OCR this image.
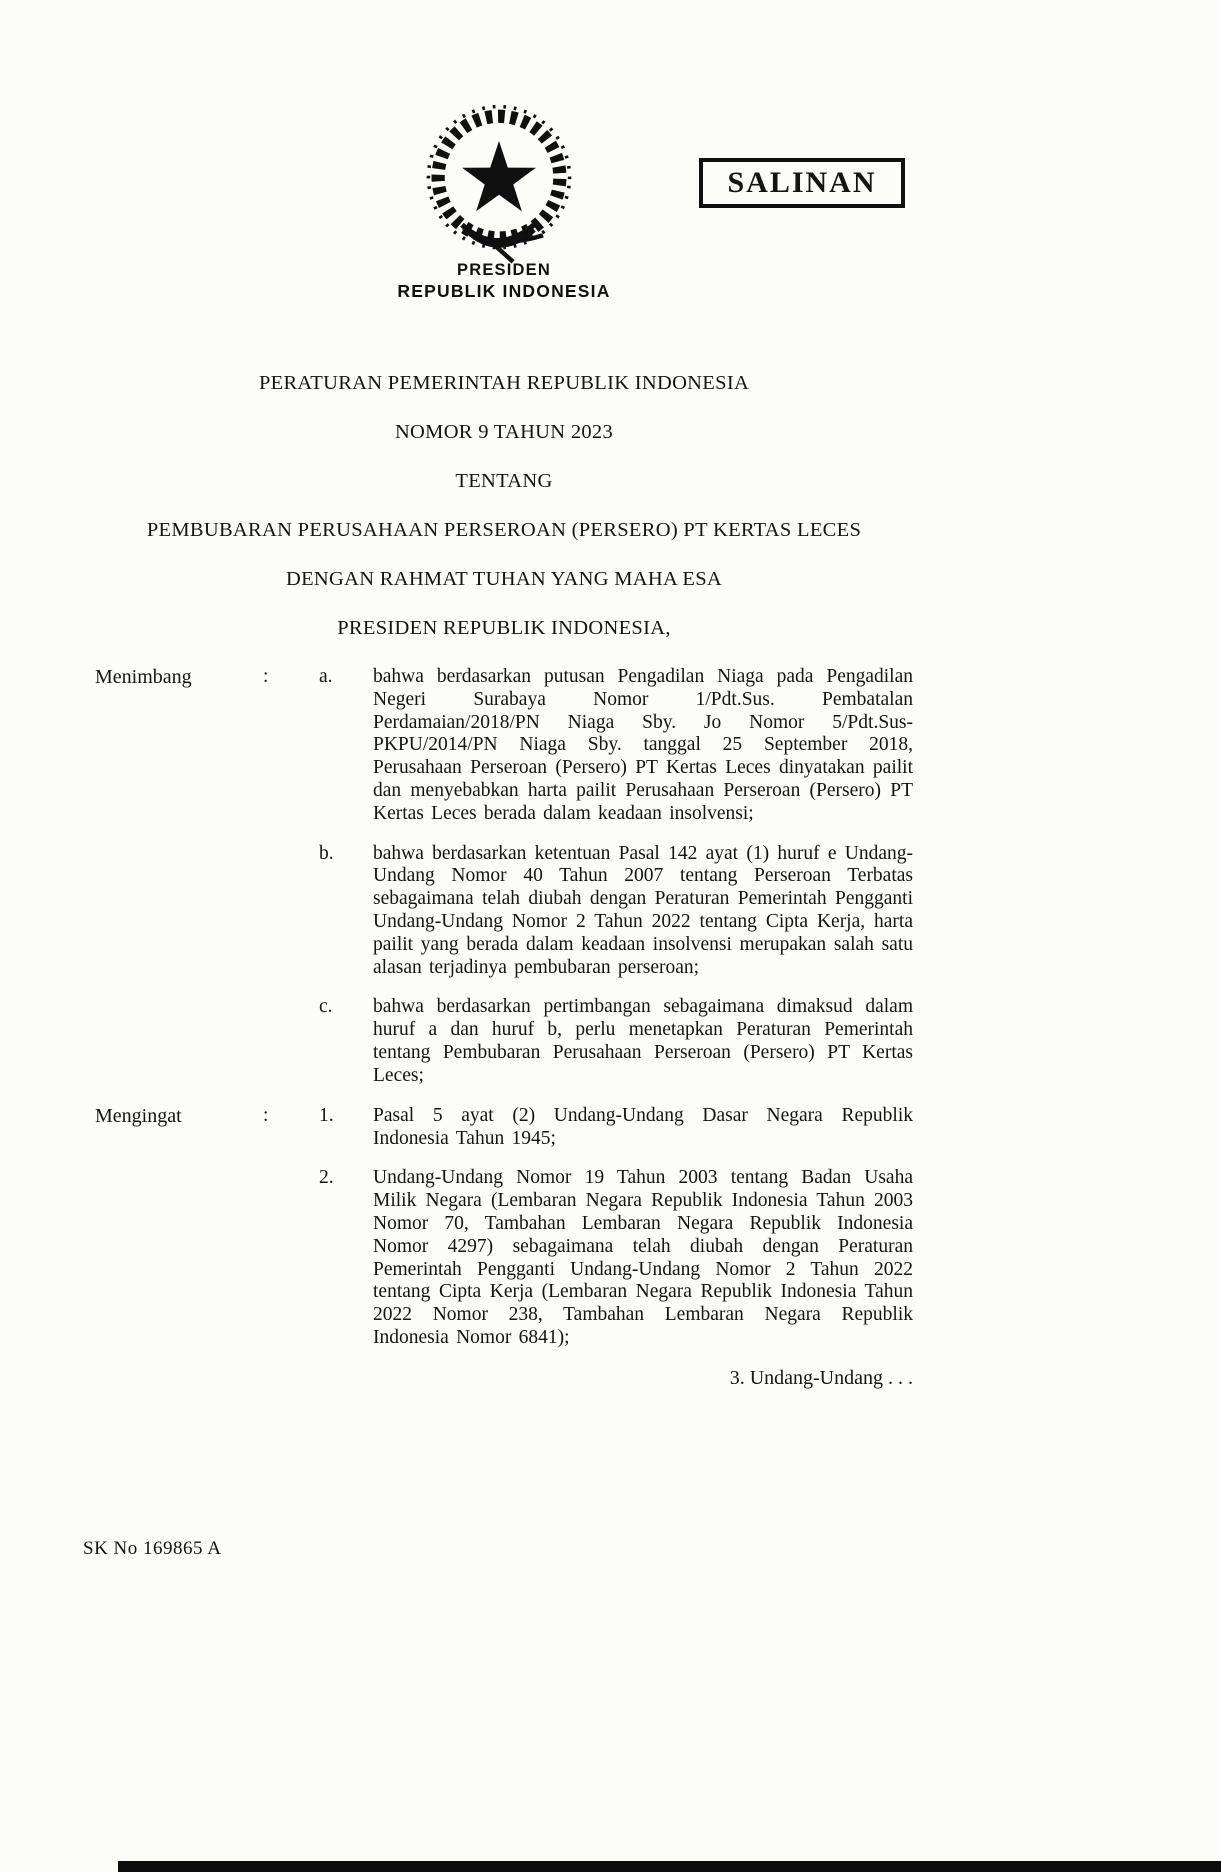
SALINAN
PRESIDEN
REPUBLIK INDONESIA
PERATURAN PEMERINTAH REPUBLIK INDONESIA
NOMOR 9 TAHUN 2023
TENTANG
PEMBUBARAN PERUSAHAAN PERSEROAN (PERSERO) PT KERTAS LECES
DENGAN RAHMAT TUHAN YANG MAHA ESA
PRESIDEN REPUBLIK INDONESIA,
Menimbang	:	a.	bahwa berdasarkan putusan Pengadilan Niaga pada Pengadilan Negeri Surabaya Nomor 1/Pdt.Sus. Pembatalan Perdamaian/2018/PN Niaga Sby. Jo Nomor 5/Pdt.Sus-PKPU/2014/PN Niaga Sby. tanggal 25 September 2018, Perusahaan Perseroan (Persero) PT Kertas Leces dinyatakan pailit dan menyebabkan harta pailit Perusahaan Perseroan (Persero) PT Kertas Leces berada dalam keadaan insolvensi;
b.	bahwa berdasarkan ketentuan Pasal 142 ayat (1) huruf e Undang-Undang Nomor 40 Tahun 2007 tentang Perseroan Terbatas sebagaimana telah diubah dengan Peraturan Pemerintah Pengganti Undang-Undang Nomor 2 Tahun 2022 tentang Cipta Kerja, harta pailit yang berada dalam keadaan insolvensi merupakan salah satu alasan terjadinya pembubaran perseroan;
c.	bahwa berdasarkan pertimbangan sebagaimana dimaksud dalam huruf a dan huruf b, perlu menetapkan Peraturan Pemerintah tentang Pembubaran Perusahaan Perseroan (Persero) PT Kertas Leces;
Mengingat	:	1.	Pasal 5 ayat (2) Undang-Undang Dasar Negara Republik Indonesia Tahun 1945;
2.	Undang-Undang Nomor 19 Tahun 2003 tentang Badan Usaha Milik Negara (Lembaran Negara Republik Indonesia Tahun 2003 Nomor 70, Tambahan Lembaran Negara Republik Indonesia Nomor 4297) sebagaimana telah diubah dengan Peraturan Pemerintah Pengganti Undang-Undang Nomor 2 Tahun 2022 tentang Cipta Kerja (Lembaran Negara Republik Indonesia Tahun 2022 Nomor 238, Tambahan Lembaran Negara Republik Indonesia Nomor 6841);
3. Undang-Undang . . .
SK No 169865 A
